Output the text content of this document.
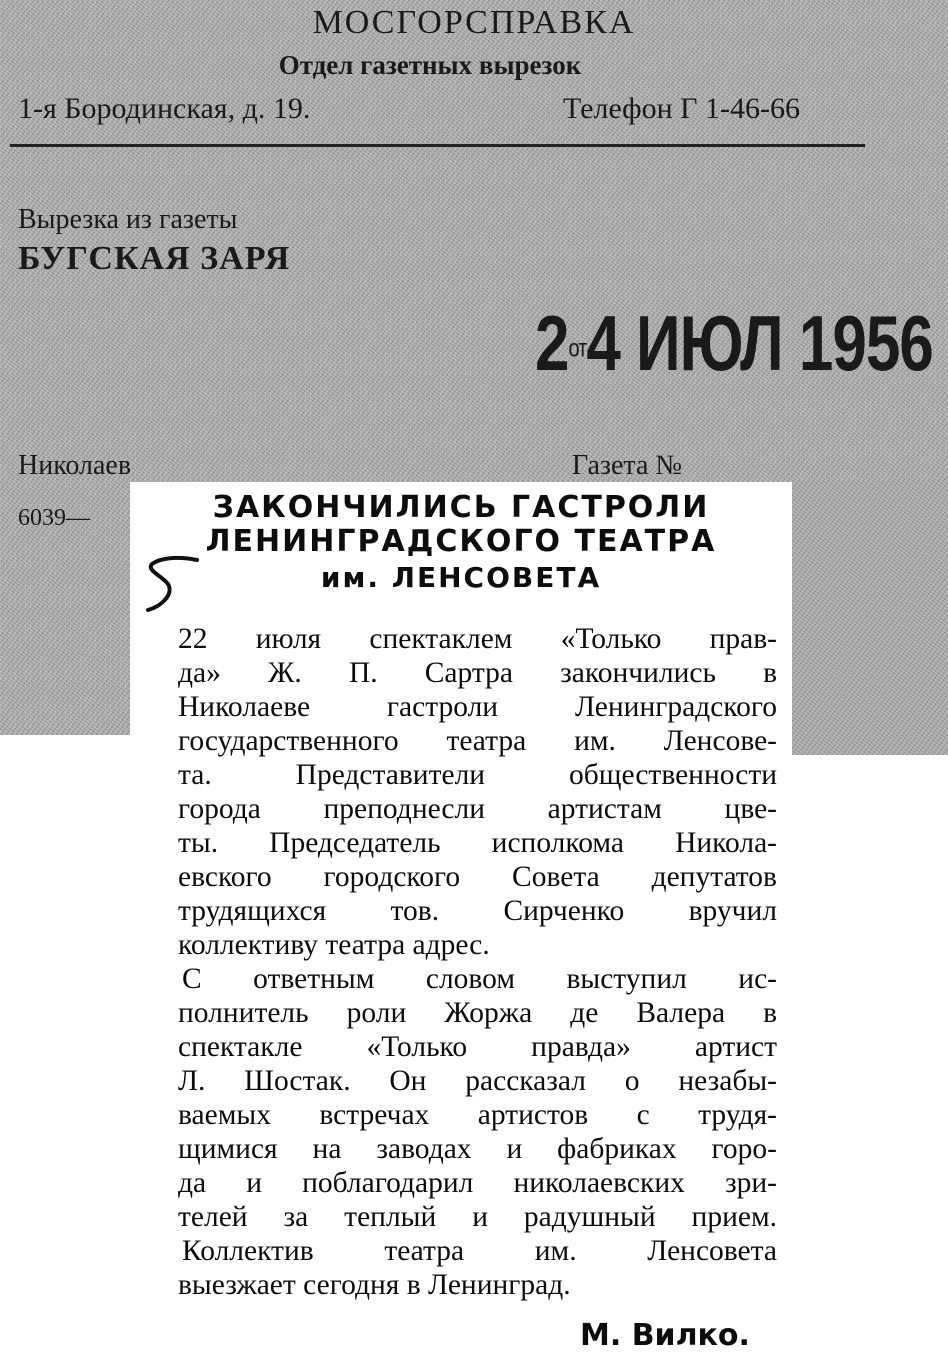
МОСГОРСПРАВКА
Отдел газетных вырезок
1-я Бородинская, д. 19.	Телефон Г 1-46-66
Вырезка из газеты
БУГСКАЯ ЗАРЯ
2от4 ИЮЛ 1956
Николаев	Газета №
6039—	ЗАКОНЧИЛИСЬ ГАСТРОЛИ
ЛЕНИНГРАДСКОГО ТЕАТРА
им. ЛЕНСОВЕТА

22 июля спектаклем «Только прав-
да» Ж. П. Сартра закончились в
Николаеве гастроли Ленинградского
государственного театра им. Ленсове-
та. Представители общественности
города преподнесли артистам цве-
ты. Председатель исполкома Никола-
евского городского Совета депутатов
трудящихся тов. Сирченко вручил
коллективу театра адрес.

С ответным словом выступил ис-
полнитель роли Жоржа де Валера в
спектакле «Только правда» артист
Л. Шостак. Он рассказал о незабы-
ваемых встречах артистов с трудя-
щимися на заводах и фабриках горо-
да и поблагодарил николаевских зри-
телей за теплый и радушный прием.

Коллектив театра им. Ленсовета
выезжает сегодня в Ленинград.

М. Вилко.
